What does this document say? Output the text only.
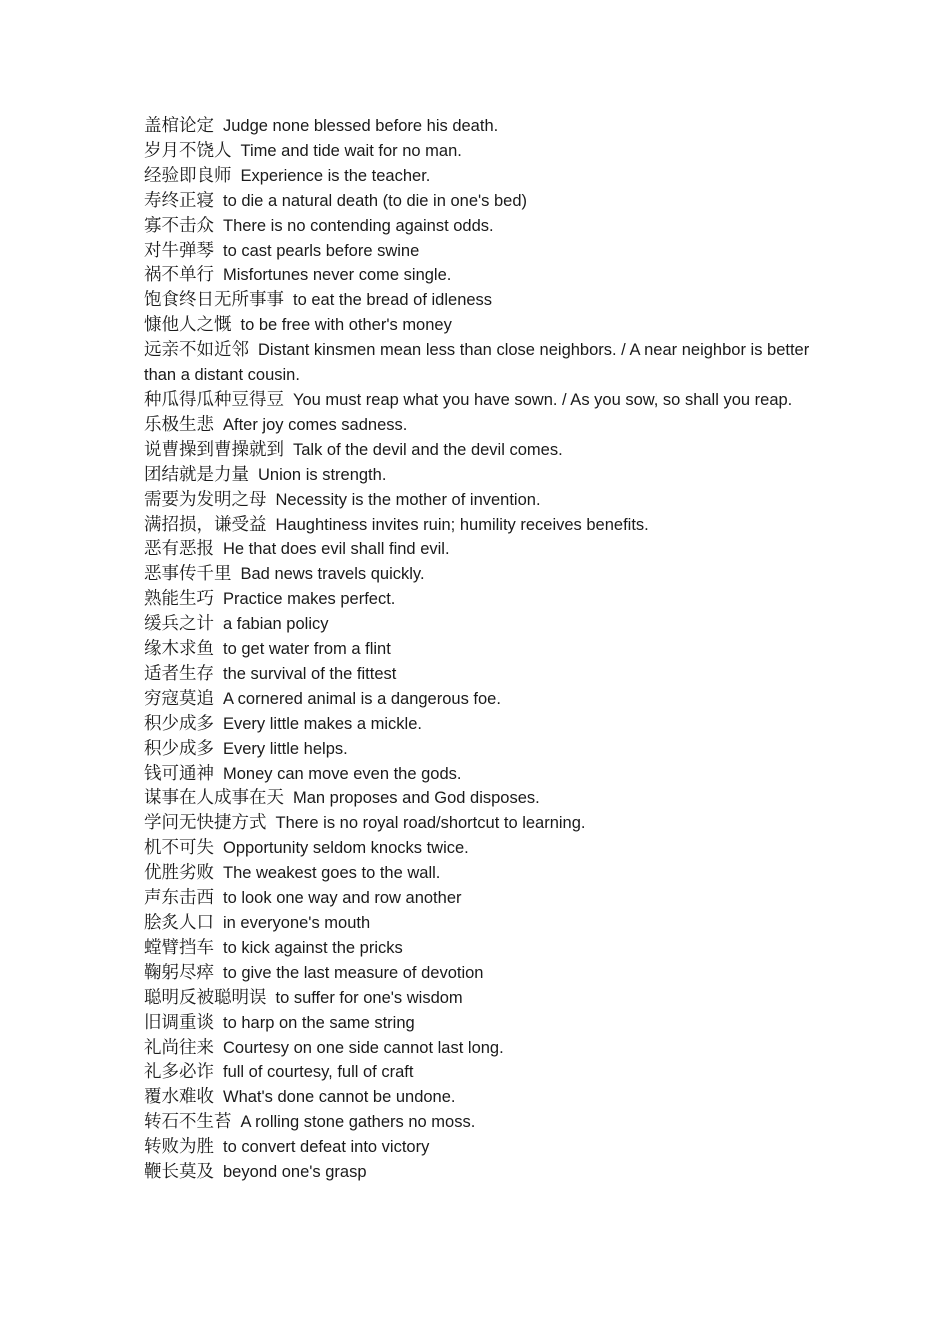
盖棺论定 Judge none blessed before his death.

岁月不饶人 Time and tide wait for no man.

经验即良师 Experience is the teacher.

寿终正寝 to die a natural death (to die in one's bed)

寡不击众 There is no contending against odds.

对牛弹琴 to cast pearls before swine

祸不单行 Misfortunes never come single.

饱食终日无所事事 to eat the bread of idleness

慷他人之慨 to be free with other's money

远亲不如近邻 Distant kinsmen mean less than close neighbors. / A near neighbor is better than a distant cousin.

种瓜得瓜种豆得豆 You must reap what you have sown. / As you sow, so shall you reap.

乐极生悲 After joy comes sadness.

说曹操到曹操就到 Talk of the devil and the devil comes.

团结就是力量 Union is strength.

需要为发明之母 Necessity is the mother of invention.

满招损，谦受益 Haughtiness invites ruin; humility receives benefits.

恶有恶报 He that does evil shall find evil.

恶事传千里 Bad news travels quickly.

熟能生巧 Practice makes perfect.

缓兵之计 a fabian policy

缘木求鱼 to get water from a flint

适者生存 the survival of the fittest

穷寇莫追 A cornered animal is a dangerous foe.

积少成多 Every little makes a mickle.

积少成多 Every little helps.

钱可通神 Money can move even the gods.

谋事在人成事在天 Man proposes and God disposes.

学问无快捷方式 There is no royal road/shortcut to learning.

机不可失 Opportunity seldom knocks twice.

优胜劣败 The weakest goes to the wall.

声东击西 to look one way and row another

脍炙人口 in everyone's mouth

螳臂挡车 to kick against the pricks

鞠躬尽瘁 to give the last measure of devotion

聪明反被聪明误 to suffer for one's wisdom

旧调重谈 to harp on the same string

礼尚往来 Courtesy on one side cannot last long.

礼多必诈 full of courtesy, full of craft

覆水难收 What's done cannot be undone.

转石不生苔 A rolling stone gathers no moss.

转败为胜 to convert defeat into victory

鞭长莫及 beyond one's grasp
